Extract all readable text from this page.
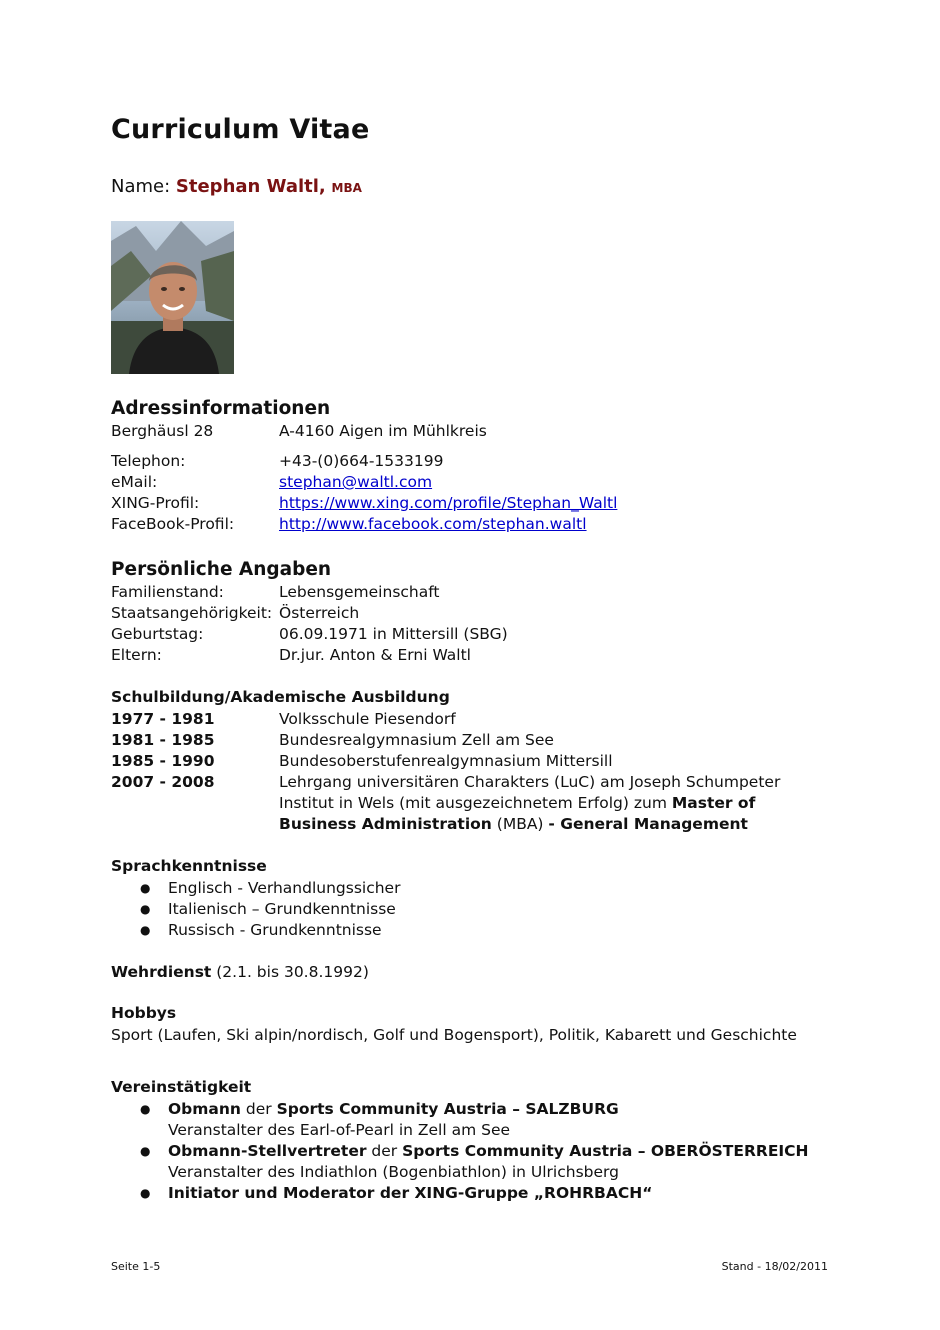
Curriculum Vitae
Name: Stephan Waltl, MBA
Adressinformationen
Berghäusl 28	A-4160 Aigen im Mühlkreis
Telephon:	+43-(0)664-1533199
eMail:	stephan@waltl.com
XING-Profil:	https://www.xing.com/profile/Stephan_Waltl
FaceBook-Profil:	http://www.facebook.com/stephan.waltl
Persönliche Angaben
Familienstand:	Lebensgemeinschaft
Staatsangehörigkeit: Österreich
Geburtstag:	06.09.1971 in Mittersill (SBG)
Eltern:	Dr.jur. Anton & Erni Waltl
Schulbildung/Akademische Ausbildung
1977 - 1981	Volksschule Piesendorf
1981 - 1985	Bundesrealgymnasium Zell am See
1985 - 1990	Bundesoberstufenrealgymnasium Mittersill
2007 - 2008	Lehrgang universitären Charakters (LuC) am Joseph Schumpeter
Institut in Wels (mit ausgezeichnetem Erfolg) zum Master of
Business Administration (MBA) - General Management
Sprachkenntnisse
● Englisch - Verhandlungssicher
● Italienisch – Grundkenntnisse
● Russisch - Grundkenntnisse
Wehrdienst (2.1. bis 30.8.1992)
Hobbys
Sport (Laufen, Ski alpin/nordisch, Golf und Bogensport), Politik, Kabarett und Geschichte
Vereinstätigkeit
● Obmann der Sports Community Austria – SALZBURG
Veranstalter des Earl-of-Pearl in Zell am See
● Obmann-Stellvertreter der Sports Community Austria – OBERÖSTERREICH
Veranstalter des Indiathlon (Bogenbiathlon) in Ulrichsberg
● Initiator und Moderator der XING-Gruppe „ROHRBACH“
Seite 1-5	Stand - 18/02/2011
